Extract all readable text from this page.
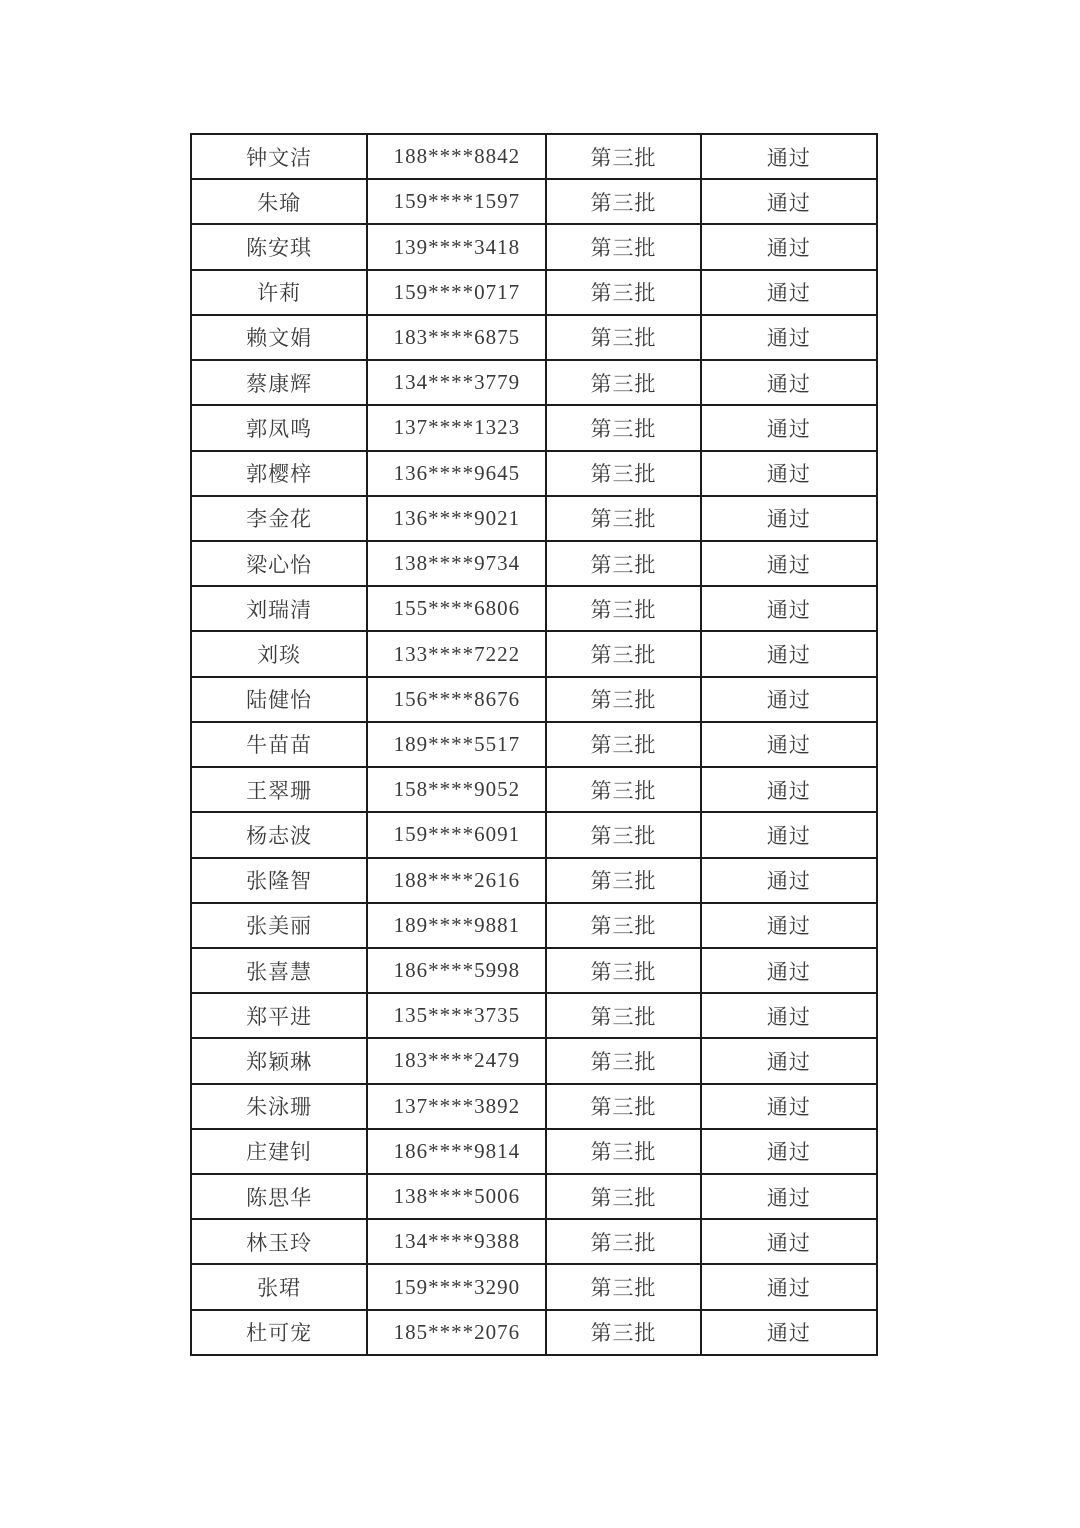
钟文洁	188****8842	第三批	通过
朱瑜	159****1597	第三批	通过
陈安琪	139****3418	第三批	通过
许莉	159****0717	第三批	通过
赖文娟	183****6875	第三批	通过
蔡康辉	134****3779	第三批	通过
郭凤鸣	137****1323	第三批	通过
郭樱梓	136****9645	第三批	通过
李金花	136****9021	第三批	通过
梁心怡	138****9734	第三批	通过
刘瑞清	155****6806	第三批	通过
刘琰	133****7222	第三批	通过
陆健怡	156****8676	第三批	通过
牛苗苗	189****5517	第三批	通过
王翠珊	158****9052	第三批	通过
杨志波	159****6091	第三批	通过
张隆智	188****2616	第三批	通过
张美丽	189****9881	第三批	通过
张喜慧	186****5998	第三批	通过
郑平进	135****3735	第三批	通过
郑颖琳	183****2479	第三批	通过
朱泳珊	137****3892	第三批	通过
庄建钊	186****9814	第三批	通过
陈思华	138****5006	第三批	通过
林玉玲	134****9388	第三批	通过
张珺	159****3290	第三批	通过
杜可宠	185****2076	第三批	通过
